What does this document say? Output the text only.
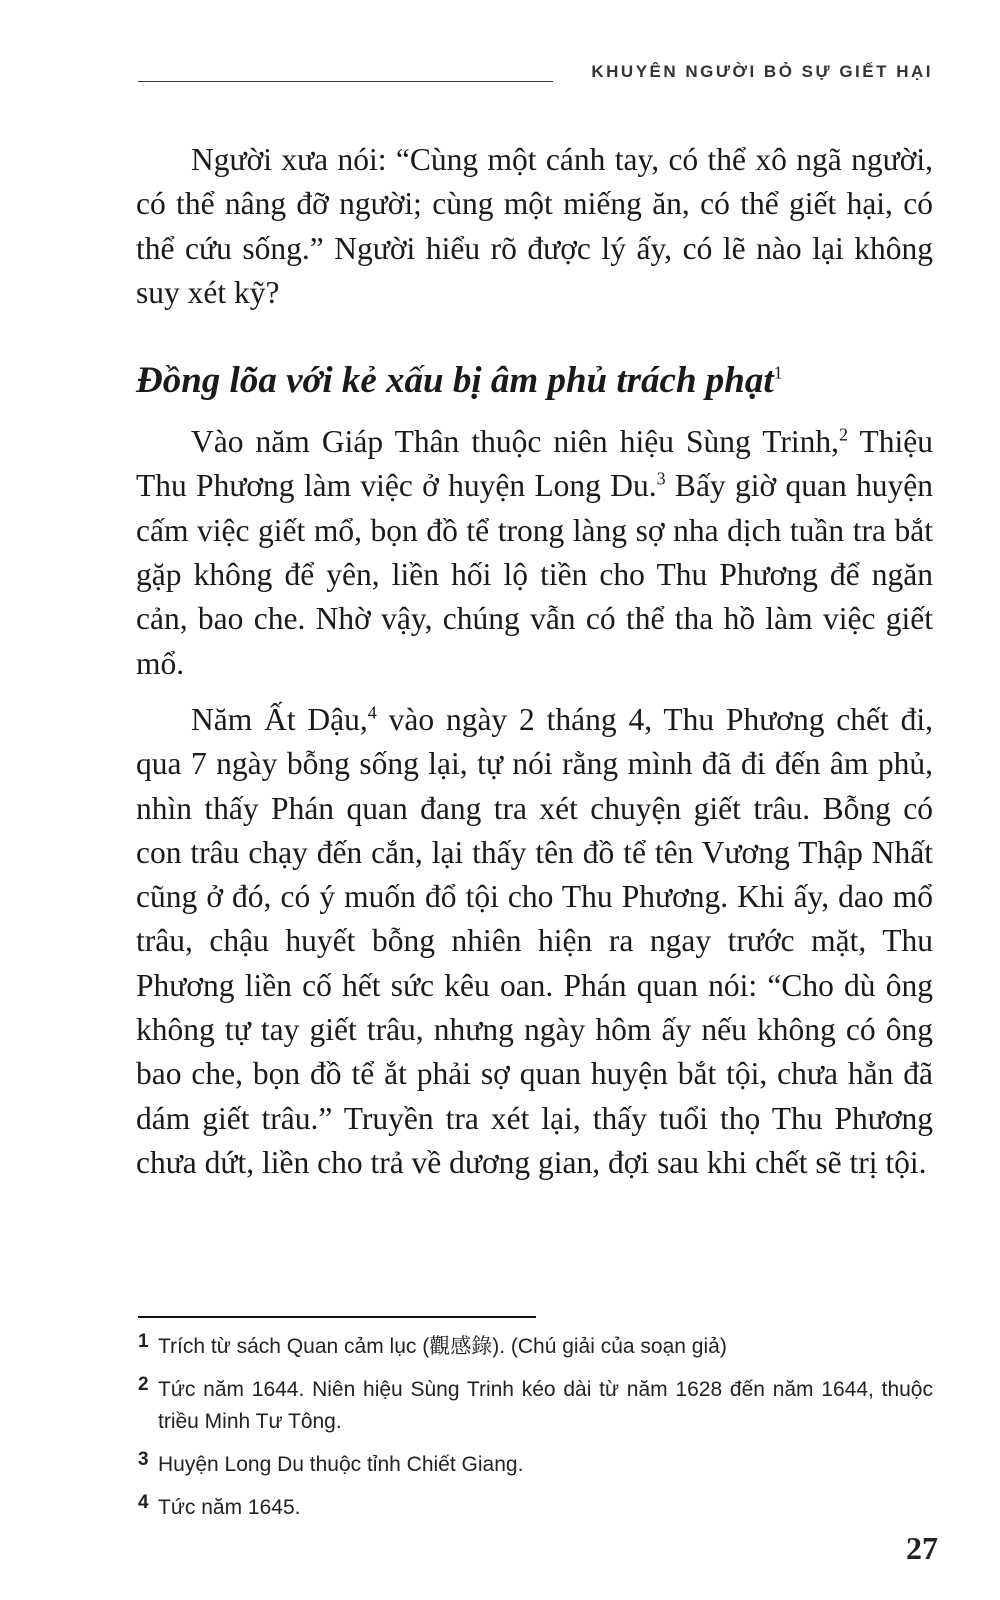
KHUYÊN NGƯỜI BỎ SỰ GIẾT HẠI

Người xưa nói: “Cùng một cánh tay, có thể xô ngã người, có thể nâng đỡ người; cùng một miếng ăn, có thể giết hại, có thể cứu sống.” Người hiểu rõ được lý ấy, có lẽ nào lại không suy xét kỹ?

Đồng lõa với kẻ xấu bị âm phủ trách phạt$^1$

Vào năm Giáp Thân thuộc niên hiệu Sùng Trinh,$^2$ Thiệu Thu Phương làm việc ở huyện Long Du.$^3$ Bấy giờ quan huyện cấm việc giết mổ, bọn đồ tể trong làng sợ nha dịch tuần tra bắt gặp không để yên, liền hối lộ tiền cho Thu Phương để ngăn cản, bao che. Nhờ vậy, chúng vẫn có thể tha hồ làm việc giết mổ.

Năm Ất Dậu,$^4$ vào ngày 2 tháng 4, Thu Phương chết đi, qua 7 ngày bỗng sống lại, tự nói rằng mình đã đi đến âm phủ, nhìn thấy Phán quan đang tra xét chuyện giết trâu. Bỗng có con trâu chạy đến cắn, lại thấy tên đồ tể tên Vương Thập Nhất cũng ở đó, có ý muốn đổ tội cho Thu Phương. Khi ấy, dao mổ trâu, chậu huyết bỗng nhiên hiện ra ngay trước mặt, Thu Phương liền cố hết sức kêu oan. Phán quan nói: “Cho dù ông không tự tay giết trâu, nhưng ngày hôm ấy nếu không có ông bao che, bọn đồ tể ắt phải sợ quan huyện bắt tội, chưa hẳn đã dám giết trâu.” Truyền tra xét lại, thấy tuổi thọ Thu Phương chưa dứt, liền cho trả về dương gian, đợi sau khi chết sẽ trị tội.

1 Trích từ sách Quan cảm lục (觀感錄). (Chú giải của soạn giả)

2 Tức năm 1644. Niên hiệu Sùng Trinh kéo dài từ năm 1628 đến năm 1644, thuộc triều Minh Tư Tông.

3 Huyện Long Du thuộc tỉnh Chiết Giang.

4 Tức năm 1645.

27
